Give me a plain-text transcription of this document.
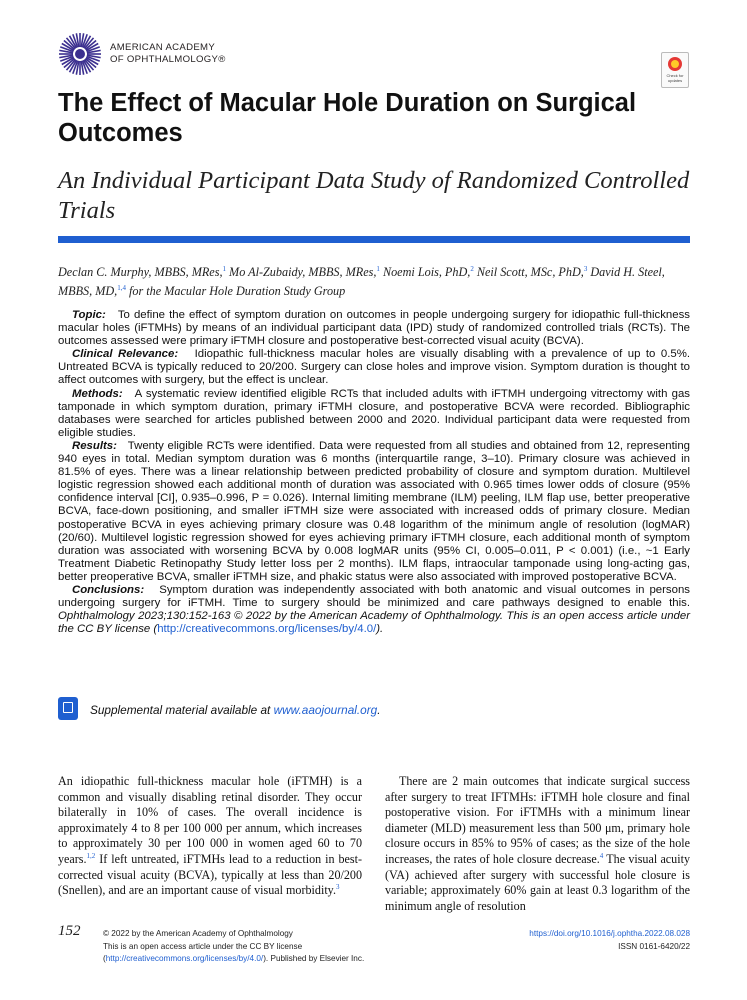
AMERICAN ACADEMY
OF OPHTHALMOLOGY®
Check for updates
The Effect of Macular Hole Duration on Surgical Outcomes
An Individual Participant Data Study of Randomized Controlled Trials
Declan C. Murphy, MBBS, MRes,$^1$ Mo Al-Zubaidy, MBBS, MRes,$^1$ Noemi Lois, PhD,$^2$ Neil Scott, MSc, PhD,$^3$ David H. Steel, MBBS, MD,$^{1,4}$ for the Macular Hole Duration Study Group

Topic: To define the effect of symptom duration on outcomes in people undergoing surgery for idiopathic full-thickness macular holes (iFTMHs) by means of an individual participant data (IPD) study of randomized controlled trials (RCTs). The outcomes assessed were primary iFTMH closure and postoperative best-corrected visual acuity (BCVA).

Clinical Relevance: Idiopathic full-thickness macular holes are visually disabling with a prevalence of up to 0.5%. Untreated BCVA is typically reduced to 20/200. Surgery can close holes and improve vision. Symptom duration is thought to affect outcomes with surgery, but the effect is unclear.

Methods: A systematic review identified eligible RCTs that included adults with iFTMH undergoing vitrectomy with gas tamponade in which symptom duration, primary iFTMH closure, and postoperative BCVA were recorded. Bibliographic databases were searched for articles published between 2000 and 2020. Individual participant data were requested from eligible studies.

Results: Twenty eligible RCTs were identified. Data were requested from all studies and obtained from 12, representing 940 eyes in total. Median symptom duration was 6 months (interquartile range, 3–10). Primary closure was achieved in 81.5% of eyes. There was a linear relationship between predicted probability of closure and symptom duration. Multilevel logistic regression showed each additional month of duration was associated with 0.965 times lower odds of closure (95% confidence interval [CI], 0.935–0.996, P = 0.026). Internal limiting membrane (ILM) peeling, ILM flap use, better preoperative BCVA, face-down positioning, and smaller iFTMH size were associated with increased odds of primary closure. Median postoperative BCVA in eyes achieving primary closure was 0.48 logarithm of the minimum angle of resolution (logMAR) (20/60). Multilevel logistic regression showed for eyes achieving primary iFTMH closure, each additional month of symptom duration was associated with worsening BCVA by 0.008 logMAR units (95% CI, 0.005–0.011, P < 0.001) (i.e., ~1 Early Treatment Diabetic Retinopathy Study letter loss per 2 months). ILM flaps, intraocular tamponade using long-acting gas, better preoperative BCVA, smaller iFTMH size, and phakic status were also associated with improved postoperative BCVA.

Conclusions: Symptom duration was independently associated with both anatomic and visual outcomes in persons undergoing surgery for iFTMH. Time to surgery should be minimized and care pathways designed to enable this. Ophthalmology 2023;130:152-163 © 2022 by the American Academy of Ophthalmology. This is an open access article under the CC BY license (http://creativecommons.org/licenses/by/4.0/).

Supplemental material available at www.aaojournal.org.
An idiopathic full-thickness macular hole (iFTMH) is a common and visually disabling retinal disorder. They occur bilaterally in 10% of cases. The overall incidence is approximately 4 to 8 per 100 000 per annum, which increases to approximately 30 per 100 000 in women aged 60 to 70 years.$^{1,2}$ If left untreated, iFTMHs lead to a reduction in best-corrected visual acuity (BCVA), typically at less than 20/200 (Snellen), and are an important cause of visual morbidity.$^3$

There are 2 main outcomes that indicate surgical success after surgery to treat IFTMHs: iFTMH hole closure and final postoperative vision. For iFTMHs with a minimum linear diameter (MLD) measurement less than 500 μm, primary hole closure occurs in 85% to 95% of cases; as the size of the hole increases, the rates of hole closure decrease.$^4$ The visual acuity (VA) achieved after surgery with successful hole closure is variable; approximately 60% gain at least 0.3 logarithm of the minimum angle of resolution

152	© 2022 by the American Academy of Ophthalmology
This is an open access article under the CC BY license (http://creativecommons.org/licenses/by/4.0/). Published by Elsevier Inc.
https://doi.org/10.1016/j.ophtha.2022.08.028
ISSN 0161-6420/22
